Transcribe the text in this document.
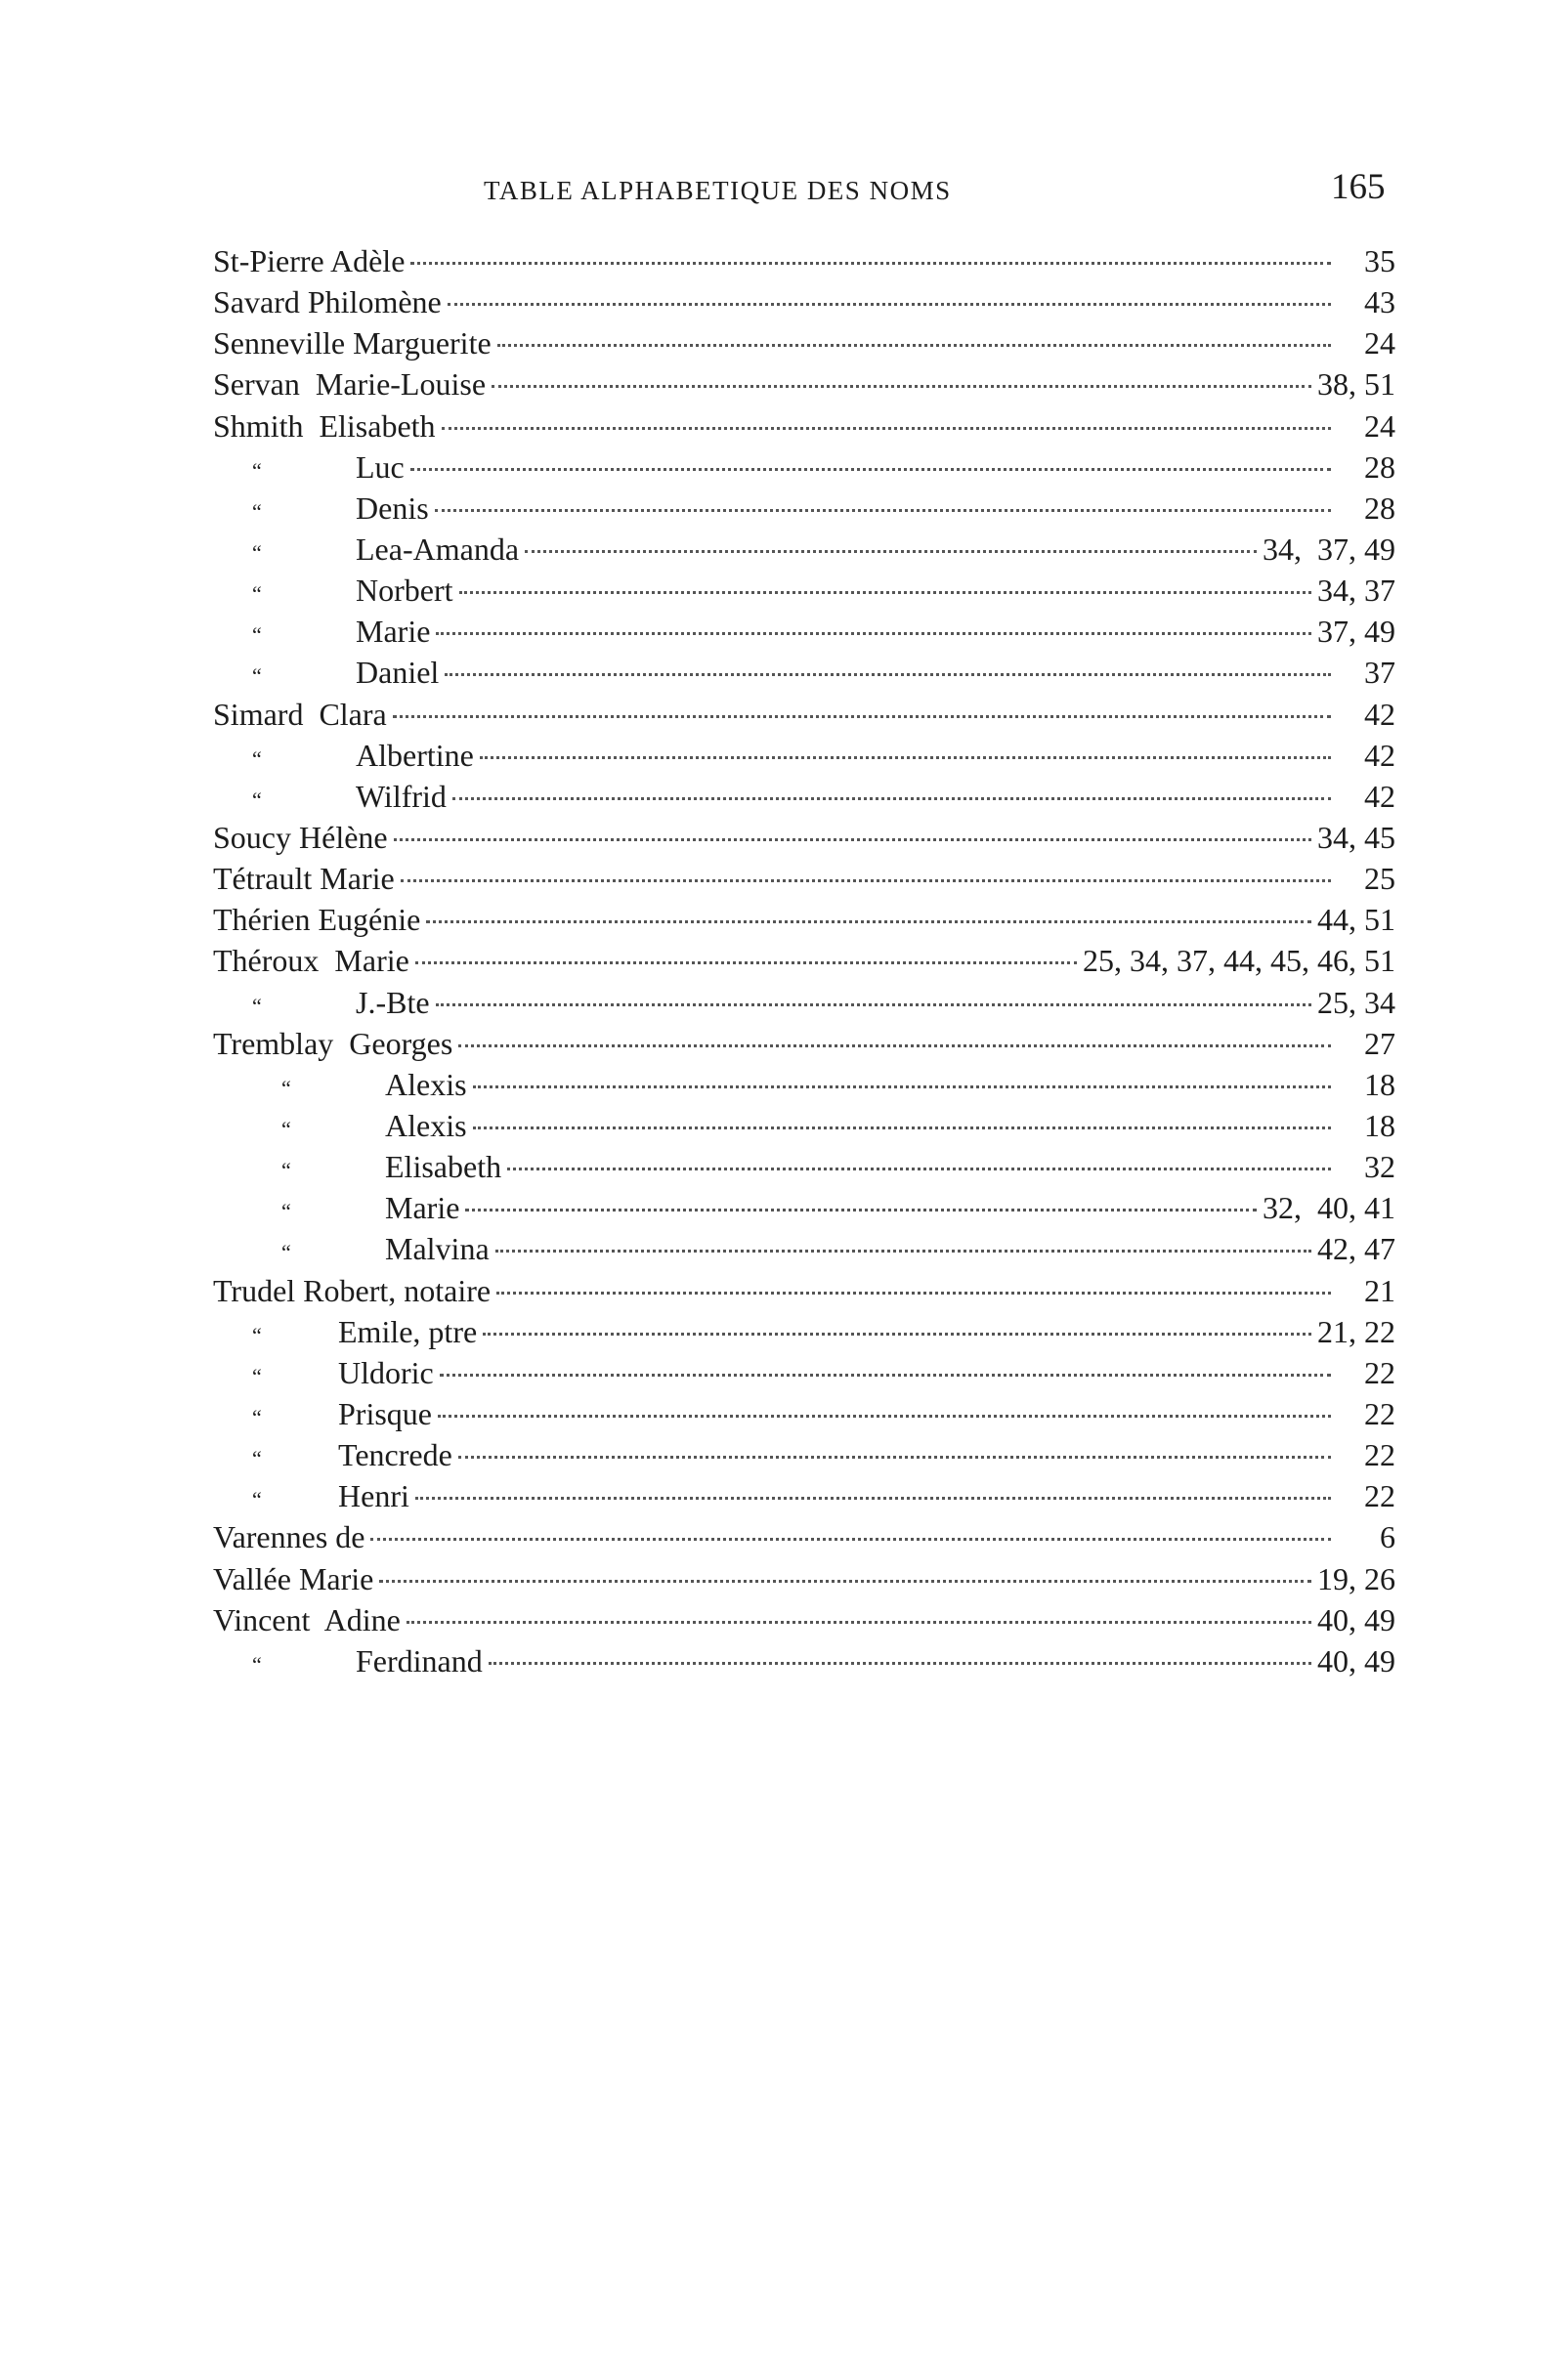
TABLE ALPHABETIQUE DES NOMS	165
St-Pierre Adèle	35
Savard Philomène	43
Senneville Marguerite	24
Servan  Marie-Louise	38, 51
Shmith  Elisabeth	24
“	Luc	28
“	Denis	28
“	Lea-Amanda	34,  37, 49
“	Norbert	34, 37
“	Marie	37, 49
“	Daniel	37
Simard  Clara	42
“	Albertine	42
“	Wilfrid	42
Soucy Hélène	34, 45
Tétrault Marie	25
Thérien Eugénie	44, 51
Théroux  Marie	25, 34, 37, 44, 45, 46, 51
“	J.-Bte	25, 34
Tremblay  Georges	27
“	Alexis	18
“	Alexis	18
“	Elisabeth	32
“	Marie	32,  40, 41
“	Malvina	42, 47
Trudel Robert, notaire	21
“	Emile, ptre	21, 22
“	Uldoric	22
“	Prisque	22
“	Tencrede	22
“	Henri	22
Varennes de	6
Vallée Marie	19, 26
Vincent  Adine	40, 49
“	Ferdinand	40, 49
